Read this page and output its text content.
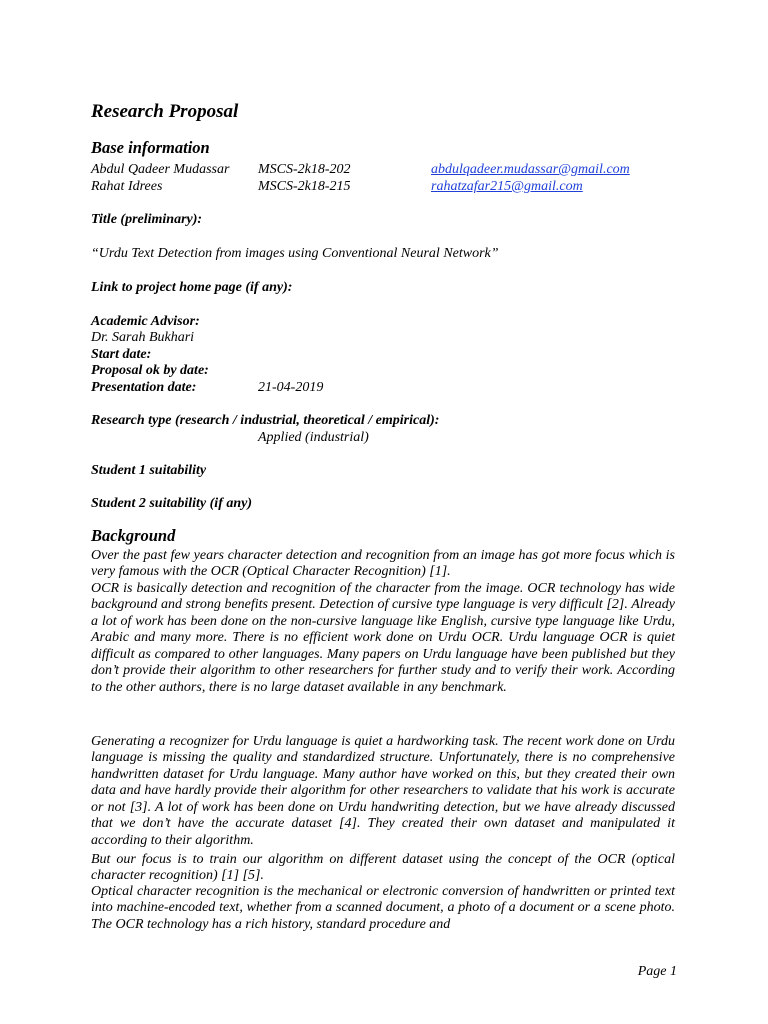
Research Proposal
Base information
Abdul Qadeer Mudassar MSCS-2k18-202	abdulqadeer.mudassar@gmail.com
Rahat Idrees	MSCS-2k18-215	rahatzafar215@gmail.com
Title (preliminary):
“Urdu Text Detection from images using Conventional Neural Network”
Link to project home page (if any):
Academic Advisor:
Dr. Sarah Bukhari
Start date:
Proposal ok by date:
Presentation date:	21-04-2019
Research type (research / industrial, theoretical / empirical):
Applied (industrial)
Student 1 suitability
Student 2 suitability (if any)
Background

Over the past few years character detection and recognition from an image has got more focus which is very famous with the OCR (Optical Character Recognition) [1].

OCR is basically detection and recognition of the character from the image. OCR technology has wide background and strong benefits present. Detection of cursive type language is very difficult [2]. Already a lot of work has been done on the non-cursive language like English, cursive type language like Urdu, Arabic and many more. There is no efficient work done on Urdu OCR. Urdu language OCR is quiet difficult as compared to other languages. Many papers on Urdu language have been published but they don’t provide their algorithm to other researchers for further study and to verify their work. According to the other authors, there is no large dataset available in any benchmark.

Generating a recognizer for Urdu language is quiet a hardworking task. The recent work done on Urdu language is missing the quality and standardized structure. Unfortunately, there is no comprehensive handwritten dataset for Urdu language. Many author have worked on this, but they created their own data and have hardly provide their algorithm for other researchers to validate that his work is accurate or not [3]. A lot of work has been done on Urdu handwriting detection, but we have already discussed that we don’t have the accurate dataset [4]. They created their own dataset and manipulated it according to their algorithm.

But our focus is to train our algorithm on different dataset using the concept of the OCR (optical character recognition) [1] [5].

Optical character recognition is the mechanical or electronic conversion of handwritten or printed text into machine-encoded text, whether from a scanned document, a photo of a document or a scene photo. The OCR technology has a rich history, standard procedure and

Page 1
